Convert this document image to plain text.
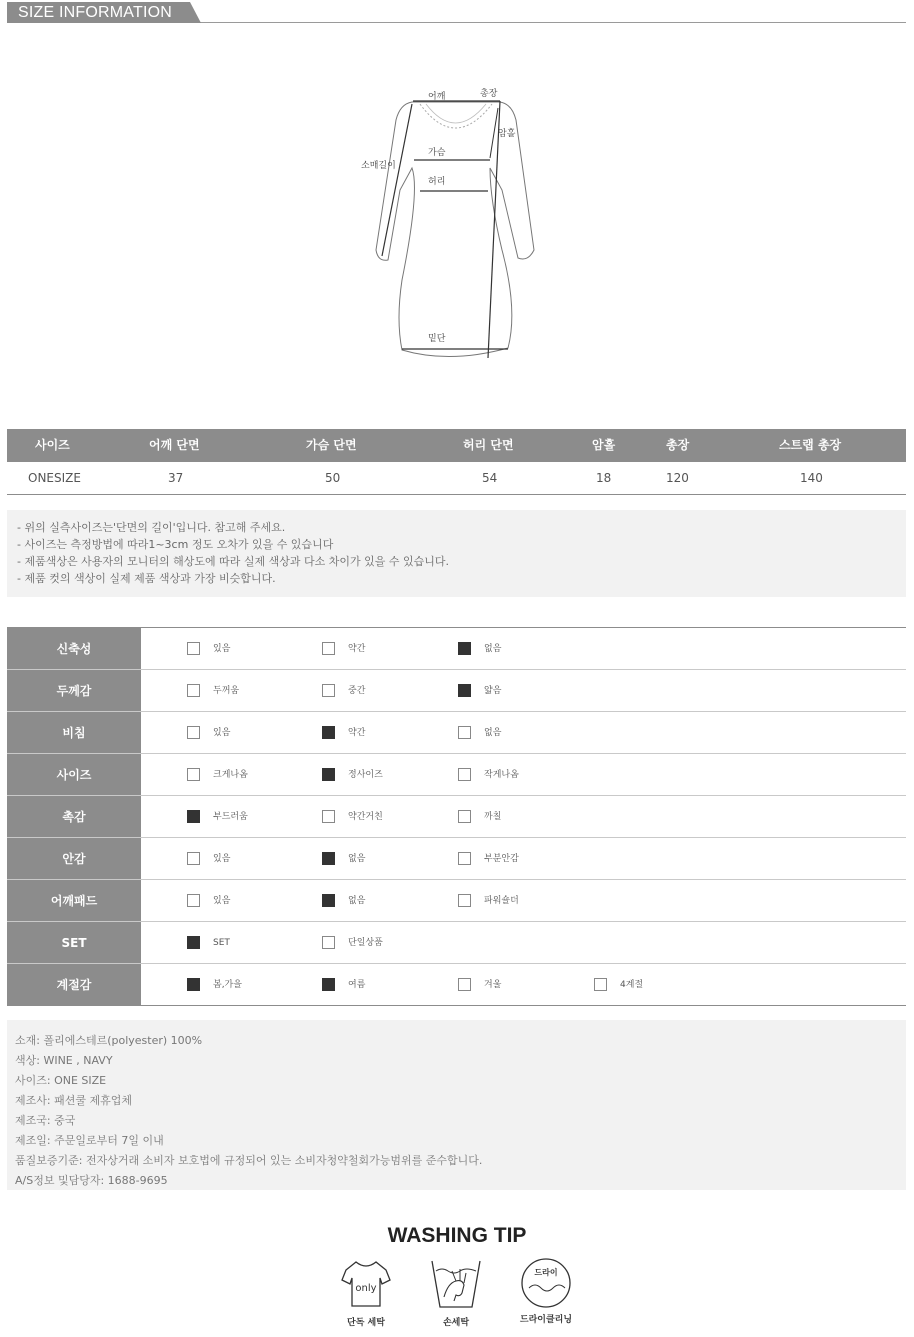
SIZE INFORMATION
어깨	총장
암홀
소매길이
가슴
허리
밑단
사이즈	어깨 단면	가슴 단면	허리 단면	암홀	총장	스트랩 총장
ONESIZE	37	50	54	18	120	140
- 위의 실측사이즈는'단면의 길이'입니다. 참고해 주세요.
- 사이즈는 측정방법에 따라1~3cm 정도 오차가 있을 수 있습니다
- 제품색상은 사용자의 모니터의 해상도에 따라 실제 색상과 다소 차이가 있을 수 있습니다.
- 제품 컷의 색상이 실제 제품 색상과 가장 비슷합니다.
신축성	있음	약간	없음
두께감	두꺼움	중간	얇음
비침	있음	약간	없음
사이즈	크게나옴	정사이즈	작게나옴
촉감	부드러움	약간거친	까칠
안감	있음	없음	부분안감
어깨패드	있음	없음	파워숄더
SET	SET	단일상품
계절감	봄,가을	여름	겨울	4계절
소재: 폴리에스테르(polyester) 100%
색상: WINE , NAVY
사이즈: ONE SIZE
제조사: 패션쿨 제휴업체
제조국: 중국
제조일: 주문일로부터 7일 이내
품질보증기준: 전자상거래 소비자 보호법에 규정되어 있는 소비자청약철회가능범위를 준수합니다.
A/S정보 및담당자: 1688-9695
WASHING TIP
only
단독 세탁	손세탁
드라이
드라이클리닝
